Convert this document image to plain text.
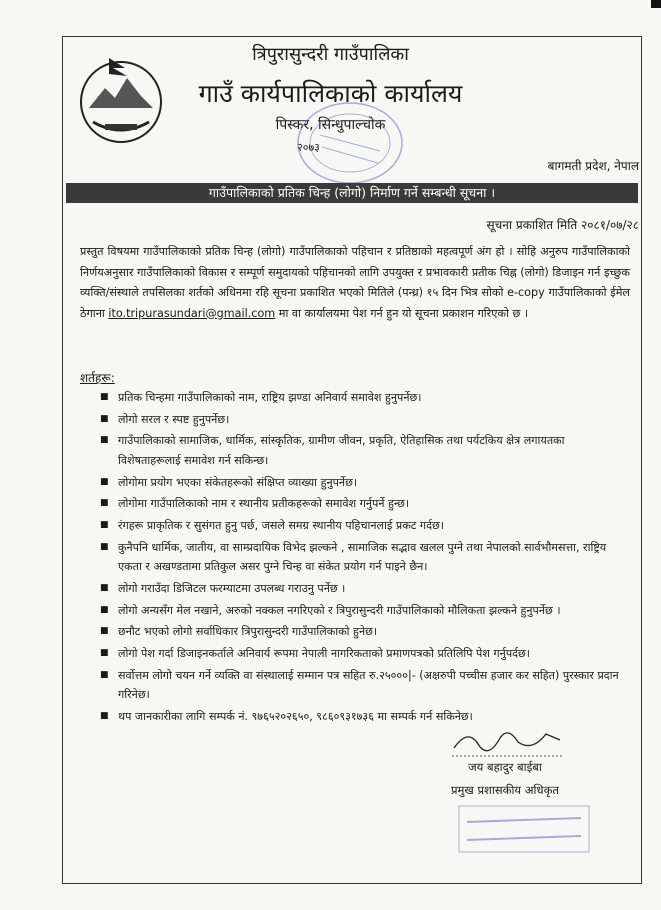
त्रिपुरासुन्दरी गाउँपालिका
गाउँ कार्यपालिकाको कार्यालय
पिस्कर, सिन्धुपाल्चोक
२०७३
बागमती प्रदेश, नेपाल
गाउँपालिकाको प्रतिक चिन्ह (लोगो) निर्माण गर्ने सम्बन्धी सूचना ।
सूचना प्रकाशित मिति २०८१/०७/२८
प्रस्तुत विषयमा गाउँपालिकाको प्रतिक चिन्ह (लोगो) गाउँपालिकाको पहिचान र प्रतिष्ठाको महत्वपूर्ण अंग हो । सोहि अनुरुप गाउँपालिकाको निर्णयअनुसार गाउँपालिकाको विकास र सम्पूर्ण समुदायको पहिचानको लागि उपयुक्त र प्रभावकारी प्रतीक चिह्न (लोगो) डिजाइन गर्न इच्छुक व्यक्ति/संस्थाले तपसिलका शर्तको अधिनमा रहि सूचना प्रकाशित भएको मितिले (पन्ध्र) १५ दिन भित्र सोको e-copy गाउँपालिकाको ईमेल ठेगाना ito.tripurasundari@gmail.com मा वा कार्यालयमा पेश गर्न हुन यो सूचना प्रकाशन गरिएको छ ।
शर्तहरू:
■ प्रतिक चिन्हमा गाउँपालिकाको नाम, राष्ट्रिय झण्डा अनिवार्य समावेश हुनुपर्नेछ।
■ लोगो सरल र स्पष्ट हुनुपर्नेछ।
■ गाउँपालिकाको सामाजिक, धार्मिक, सांस्कृतिक, ग्रामीण जीवन, प्रकृति, ऐतिहासिक तथा पर्यटकिय क्षेत्र लगायतका विशेषताहरूलाई समावेश गर्न सकिन्छ।
■ लोगोमा प्रयोग भएका संकेतहरूको संक्षिप्त व्याख्या हुनुपर्नेछ।
■ लोगोमा गाउँपालिकाको नाम र स्थानीय प्रतीकहरूको समावेश गर्नुपर्ने हुन्छ।
■ रंगहरू प्राकृतिक र सुसंगत हुनु पर्छ, जसले समग्र स्थानीय पहिचानलाई प्रकट गर्दछ।
■ कुनैपनि धार्मिक, जातीय, वा साम्प्रदायिक विभेद झल्कने , सामाजिक सद्भाव खलल पुग्ने तथा नेपालको सार्वभौमसत्ता, राष्ट्रिय एकता र अखण्डतामा प्रतिकुल असर पुग्ने चिन्ह वा संकेत प्रयोग गर्न पाइने छैन।
■ लोगो गराउँदा डिजिटल फरम्याटमा उपलब्ध गराउनु पर्नेछ ।
■ लोगो अन्यसँग मेल नखाने, अरुको नक्कल नगरिएको र त्रिपुरासुन्दरी गाउँपालिकाको मौलिकता झल्कने हुनुपर्नेछ ।
■ छनौट भएको लोगो सर्वाधिकार त्रिपुरासुन्दरी गाउँपालिकाको हुनेछ।
■ लोगो पेश गर्दा डिजाइनकर्ताले अनिवार्य रूपमा नेपाली नागरिकताको प्रमाणपत्रको प्रतिलिपि पेश गर्नुपर्दछ।
■ सर्वोत्तम लोगो चयन गर्ने व्यक्ति वा संस्थालाई सम्मान पत्र सहित रु.२५०००|- (अक्षरुपी पच्चीस हजार कर सहित) पुरस्कार प्रदान गरिनेछ।
■ थप जानकारीका लागि सम्पर्क नं. ९७६५२०२६५०, ९८६०९३१७३६ मा सम्पर्क गर्न सकिनेछ।
जय बहादुर बाईबा
प्रमुख प्रशासकीय अधिकृत
